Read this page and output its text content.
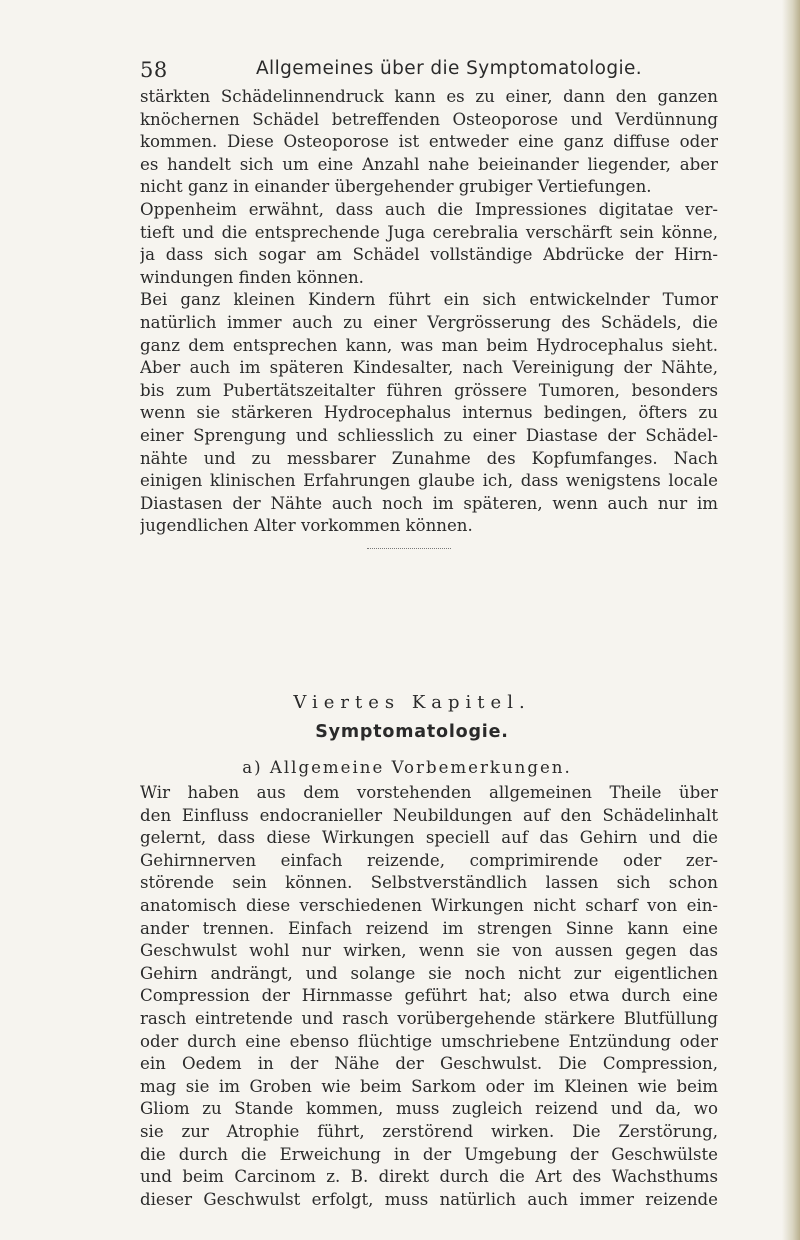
58	Allgemeines über die Symptomatologie.
stärkten Schädelinnendruck kann es zu einer, dann den ganzen
knöchernen Schädel betreffenden Osteoporose und Verdünnung
kommen. Diese Osteoporose ist entweder eine ganz diffuse oder
es handelt sich um eine Anzahl nahe beieinander liegender, aber
nicht ganz in einander übergehender grubiger Vertiefungen.
Oppenheim erwähnt, dass auch die Impressiones digitatae ver-
tieft und die entsprechende Juga cerebralia verschärft sein könne,
ja dass sich sogar am Schädel vollständige Abdrücke der Hirn-
windungen finden können.
Bei ganz kleinen Kindern führt ein sich entwickelnder Tumor
natürlich immer auch zu einer Vergrösserung des Schädels, die
ganz dem entsprechen kann, was man beim Hydrocephalus sieht.
Aber auch im späteren Kindesalter, nach Vereinigung der Nähte,
bis zum Pubertätszeitalter führen grössere Tumoren, besonders
wenn sie stärkeren Hydrocephalus internus bedingen, öfters zu
einer Sprengung und schliesslich zu einer Diastase der Schädel-
nähte und zu messbarer Zunahme des Kopfumfanges. Nach
einigen klinischen Erfahrungen glaube ich, dass wenigstens locale
Diastasen der Nähte auch noch im späteren, wenn auch nur im
jugendlichen Alter vorkommen können.
Viertes Kapitel.
Symptomatologie.
a) Allgemeine Vorbemerkungen.
Wir haben aus dem vorstehenden allgemeinen Theile über
den Einfluss endocranieller Neubildungen auf den Schädelinhalt
gelernt, dass diese Wirkungen speciell auf das Gehirn und die
Gehirnnerven einfach reizende, comprimirende oder zer-
störende sein können. Selbstverständlich lassen sich schon
anatomisch diese verschiedenen Wirkungen nicht scharf von ein-
ander trennen. Einfach reizend im strengen Sinne kann eine
Geschwulst wohl nur wirken, wenn sie von aussen gegen das
Gehirn andrängt, und solange sie noch nicht zur eigentlichen
Compression der Hirnmasse geführt hat; also etwa durch eine
rasch eintretende und rasch vorübergehende stärkere Blutfüllung
oder durch eine ebenso flüchtige umschriebene Entzündung oder
ein Oedem in der Nähe der Geschwulst. Die Compression,
mag sie im Groben wie beim Sarkom oder im Kleinen wie beim
Gliom zu Stande kommen, muss zugleich reizend und da, wo
sie zur Atrophie führt, zerstörend wirken. Die Zerstörung,
die durch die Erweichung in der Umgebung der Geschwülste
und beim Carcinom z. B. direkt durch die Art des Wachsthums
dieser Geschwulst erfolgt, muss natürlich auch immer reizende
